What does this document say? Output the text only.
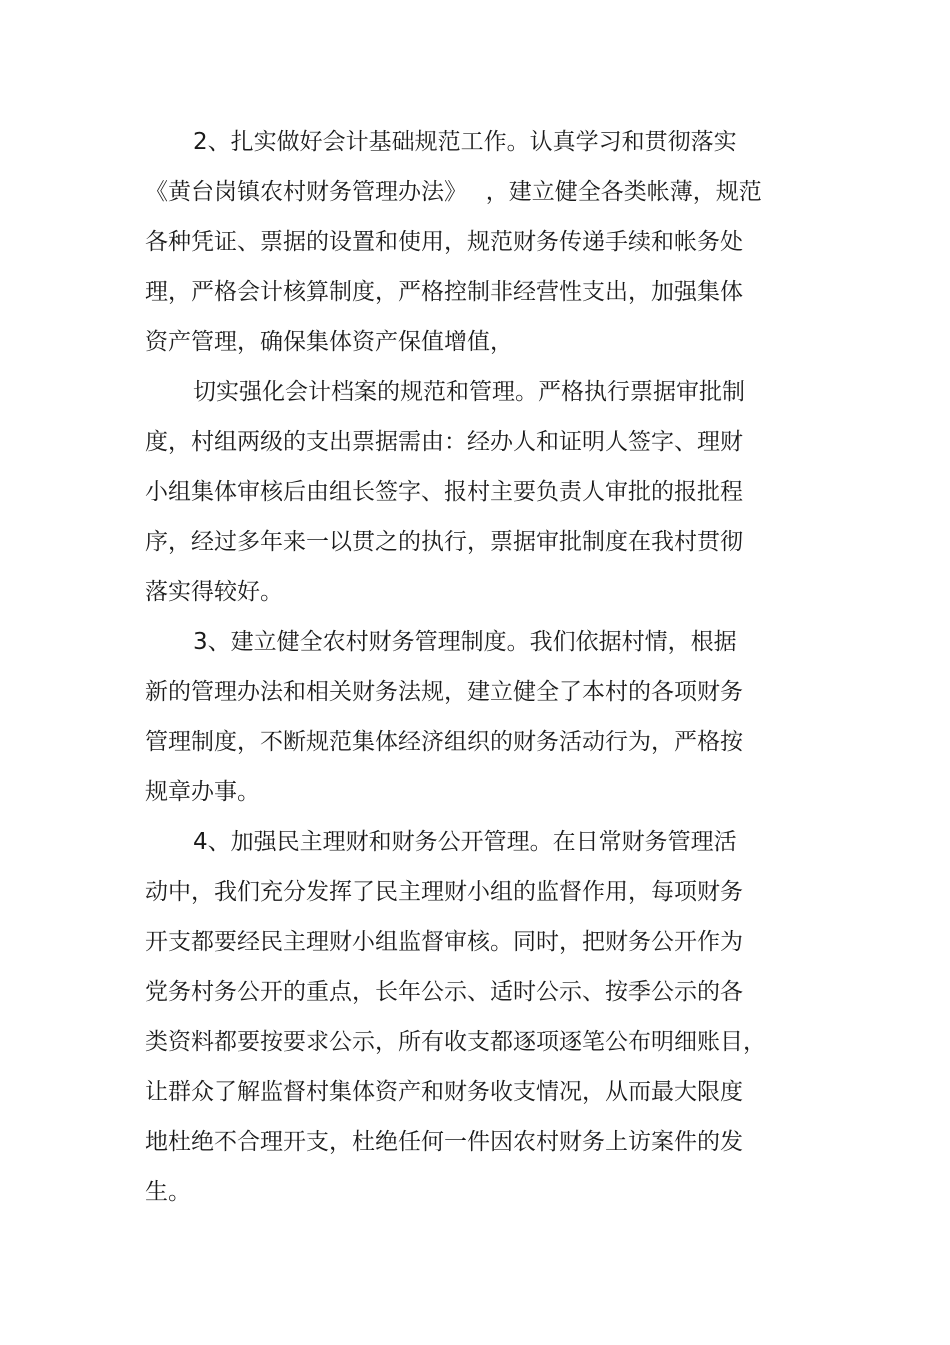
2、扎实做好会计基础规范工作。认真学习和贯彻落实
《黄台岗镇农村财务管理办法》　 ，建立健全各类帐薄，规范
各种凭证、票据的设置和使用，规范财务传递手续和帐务处
理，严格会计核算制度，严格控制非经营性支出，加强集体
资产管理，确保集体资产保值增值，
切实强化会计档案的规范和管理。严格执行票据审批制
度，村组两级的支出票据需由：经办人和证明人签字、理财
小组集体审核后由组长签字、报村主要负责人审批的报批程
序，经过多年来一以贯之的执行，票据审批制度在我村贯彻
落实得较好。
3、建立健全农村财务管理制度。我们依据村情，根据
新的管理办法和相关财务法规，建立健全了本村的各项财务
管理制度，不断规范集体经济组织的财务活动行为，严格按
规章办事。
4、加强民主理财和财务公开管理。在日常财务管理活
动中，我们充分发挥了民主理财小组的监督作用，每项财务
开支都要经民主理财小组监督审核。同时，把财务公开作为
党务村务公开的重点，长年公示、适时公示、按季公示的各
类资料都要按要求公示，所有收支都逐项逐笔公布明细账目，
让群众了解监督村集体资产和财务收支情况，从而最大限度
地杜绝不合理开支，杜绝任何一件因农村财务上访案件的发
生。
